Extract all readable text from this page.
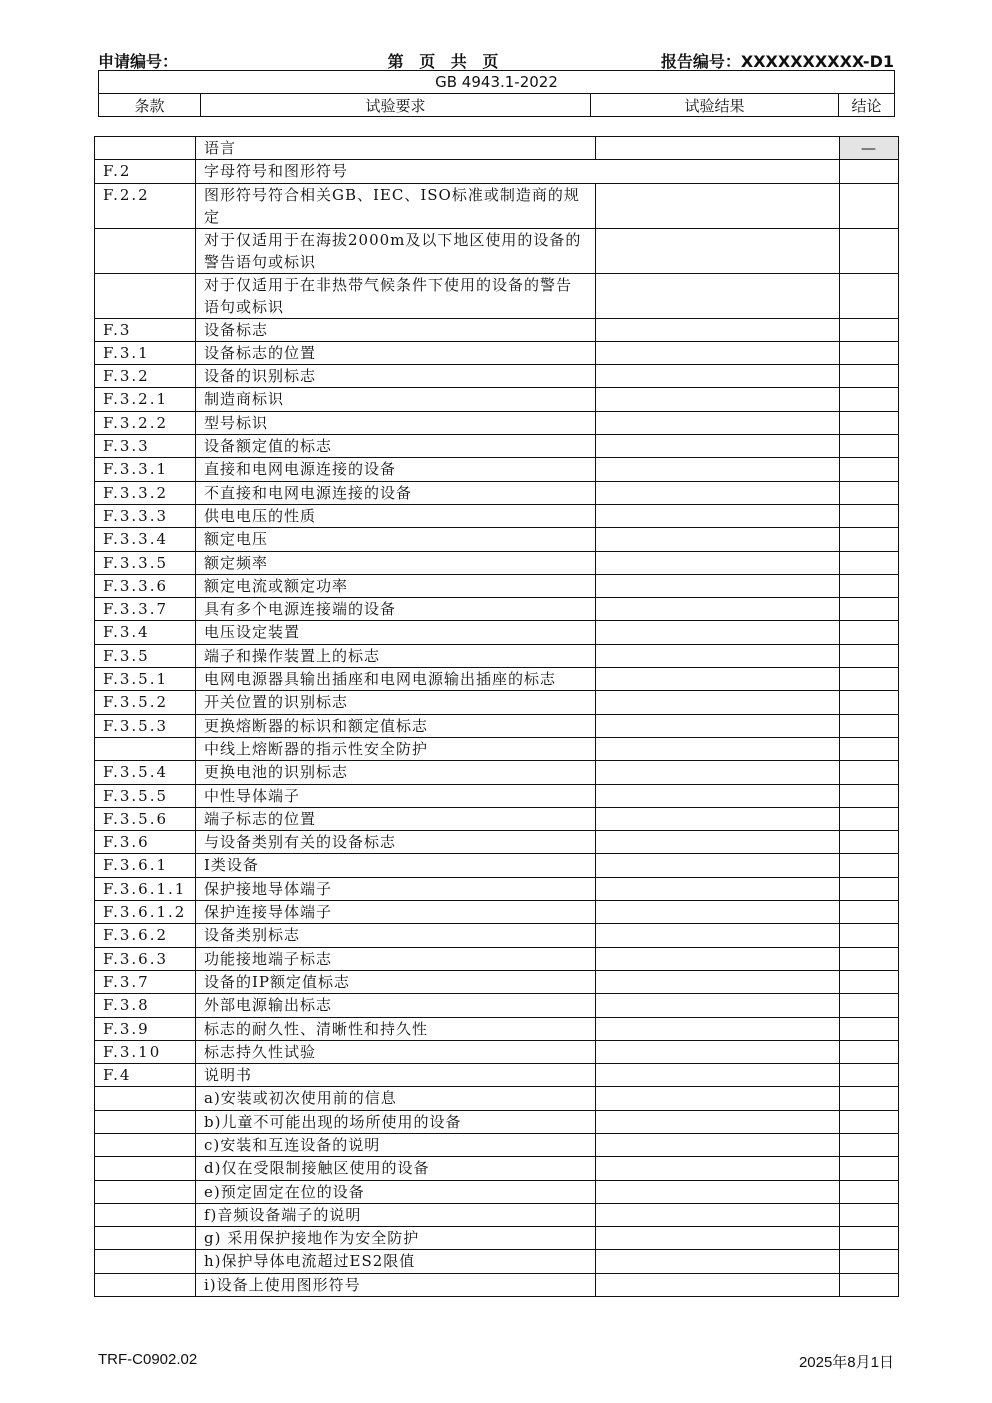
申请编号：	第 页 共 页	报告编号：XXXXXXXXXX-D1
GB 4943.1-2022
条款	试验要求	试验结果	结论
	语言		—
F.2	字母符号和图形符号		
F.2.2	图形符号符合相关GB、IEC、ISO标准或制造商的规定		
	对于仅适用于在海拔2000m及以下地区使用的设备的警告语句或标识		
	对于仅适用于在非热带气候条件下使用的设备的警告语句或标识		
F.3	设备标志		
F.3.1	设备标志的位置		
F.3.2	设备的识别标志		
F.3.2.1	制造商标识		
F.3.2.2	型号标识		
F.3.3	设备额定值的标志		
F.3.3.1	直接和电网电源连接的设备		
F.3.3.2	不直接和电网电源连接的设备		
F.3.3.3	供电电压的性质		
F.3.3.4	额定电压		
F.3.3.5	额定频率		
F.3.3.6	额定电流或额定功率		
F.3.3.7	具有多个电源连接端的设备		
F.3.4	电压设定装置		
F.3.5	端子和操作装置上的标志		
F.3.5.1	电网电源器具输出插座和电网电源输出插座的标志		
F.3.5.2	开关位置的识别标志		
F.3.5.3	更换熔断器的标识和额定值标志		
	中线上熔断器的指示性安全防护		
F.3.5.4	更换电池的识别标志		
F.3.5.5	中性导体端子		
F.3.5.6	端子标志的位置		
F.3.6	与设备类别有关的设备标志		
F.3.6.1	I类设备		
F.3.6.1.1	保护接地导体端子		
F.3.6.1.2	保护连接导体端子		
F.3.6.2	设备类别标志		
F.3.6.3	功能接地端子标志		
F.3.7	设备的IP额定值标志		
F.3.8	外部电源输出标志		
F.3.9	标志的耐久性、清晰性和持久性		
F.3.10	标志持久性试验		
F.4	说明书		
	a)安装或初次使用前的信息		
	b)儿童不可能出现的场所使用的设备		
	c)安装和互连设备的说明		
	d)仅在受限制接触区使用的设备		
	e)预定固定在位的设备		
	f)音频设备端子的说明		
	g) 采用保护接地作为安全防护		
	h)保护导体电流超过ES2限值		
	i)设备上使用图形符号		
TRF-C0902.02	2025年8月1日
